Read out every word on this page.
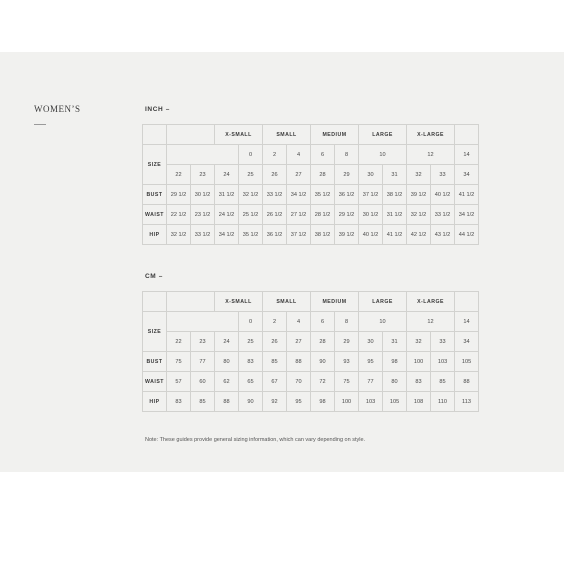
WOMEN’S	INCH –
			X-SMALL		SMALL		MEDIUM		LARGE		X-LARGE		
SIZE				0	2	4	6	8	10		12		14
	22	23	24	25	26	27	28	29	30	31	32	33	34
BUST	29 1/2	30 1/2	31 1/2	32 1/2	33 1/2	34 1/2	35 1/2	36 1/2	37 1/2	38 1/2	39 1/2	40 1/2	41 1/2
WAIST	22 1/2	23 1/2	24 1/2	25 1/2	26 1/2	27 1/2	28 1/2	29 1/2	30 1/2	31 1/2	32 1/2	33 1/2	34 1/2
HIP	32 1/2	33 1/2	34 1/2	35 1/2	36 1/2	37 1/2	38 1/2	39 1/2	40 1/2	41 1/2	42 1/2	43 1/2	44 1/2
CM –
			X-SMALL		SMALL		MEDIUM		LARGE		X-LARGE		
SIZE				0	2	4	6	8	10		12		14
	22	23	24	25	26	27	28	29	30	31	32	33	34
BUST	75	77	80	83	85	88	90	93	95	98	100	103	105
WAIST	57	60	62	65	67	70	72	75	77	80	83	85	88
HIP	83	85	88	90	92	95	98	100	103	105	108	110	113
Note: These guides provide general sizing information, which can vary depending on style.
